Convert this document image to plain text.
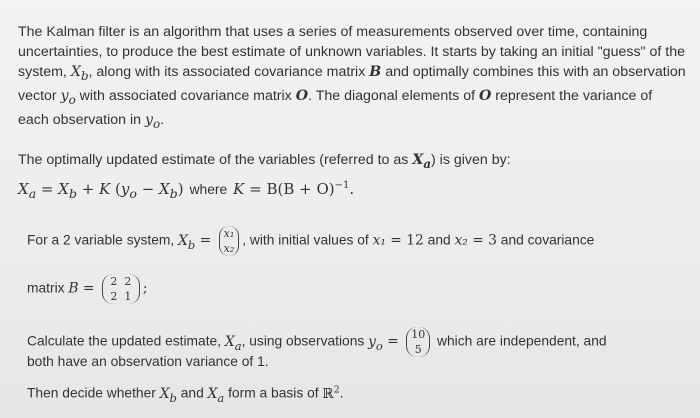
The Kalman filter is an algorithm that uses a series of measurements observed over time, containing uncertainties, to produce the best estimate of unknown variables. It starts by taking an initial "guess" of the system, $X_b$, along with its associated covariance matrix B and optimally combines this with an observation vector $y_o$ with associated covariance matrix O. The diagonal elements of O represent the variance of each observation in $y_o$.

The optimally updated estimate of the variables (referred to as $X_a$) is given by:
$X_a = X_b + K$ $(y_o - X_b)$ where $K = B(B + O)^{-1}$.
For a 2 variable system, $X_b = x_1$
x₂
, with initial values of x₁ = 12 and x₂ = 3 and covariance
matrix B =	2 2
2 1 ;
Calculate the updated estimate, $X_a$, using observations $y_o = 10$
5
which are independent, and
both have an observation variance of 1.
Then decide whether $X_b$ and $X_a$ form a basis of ℝ$^2$.
